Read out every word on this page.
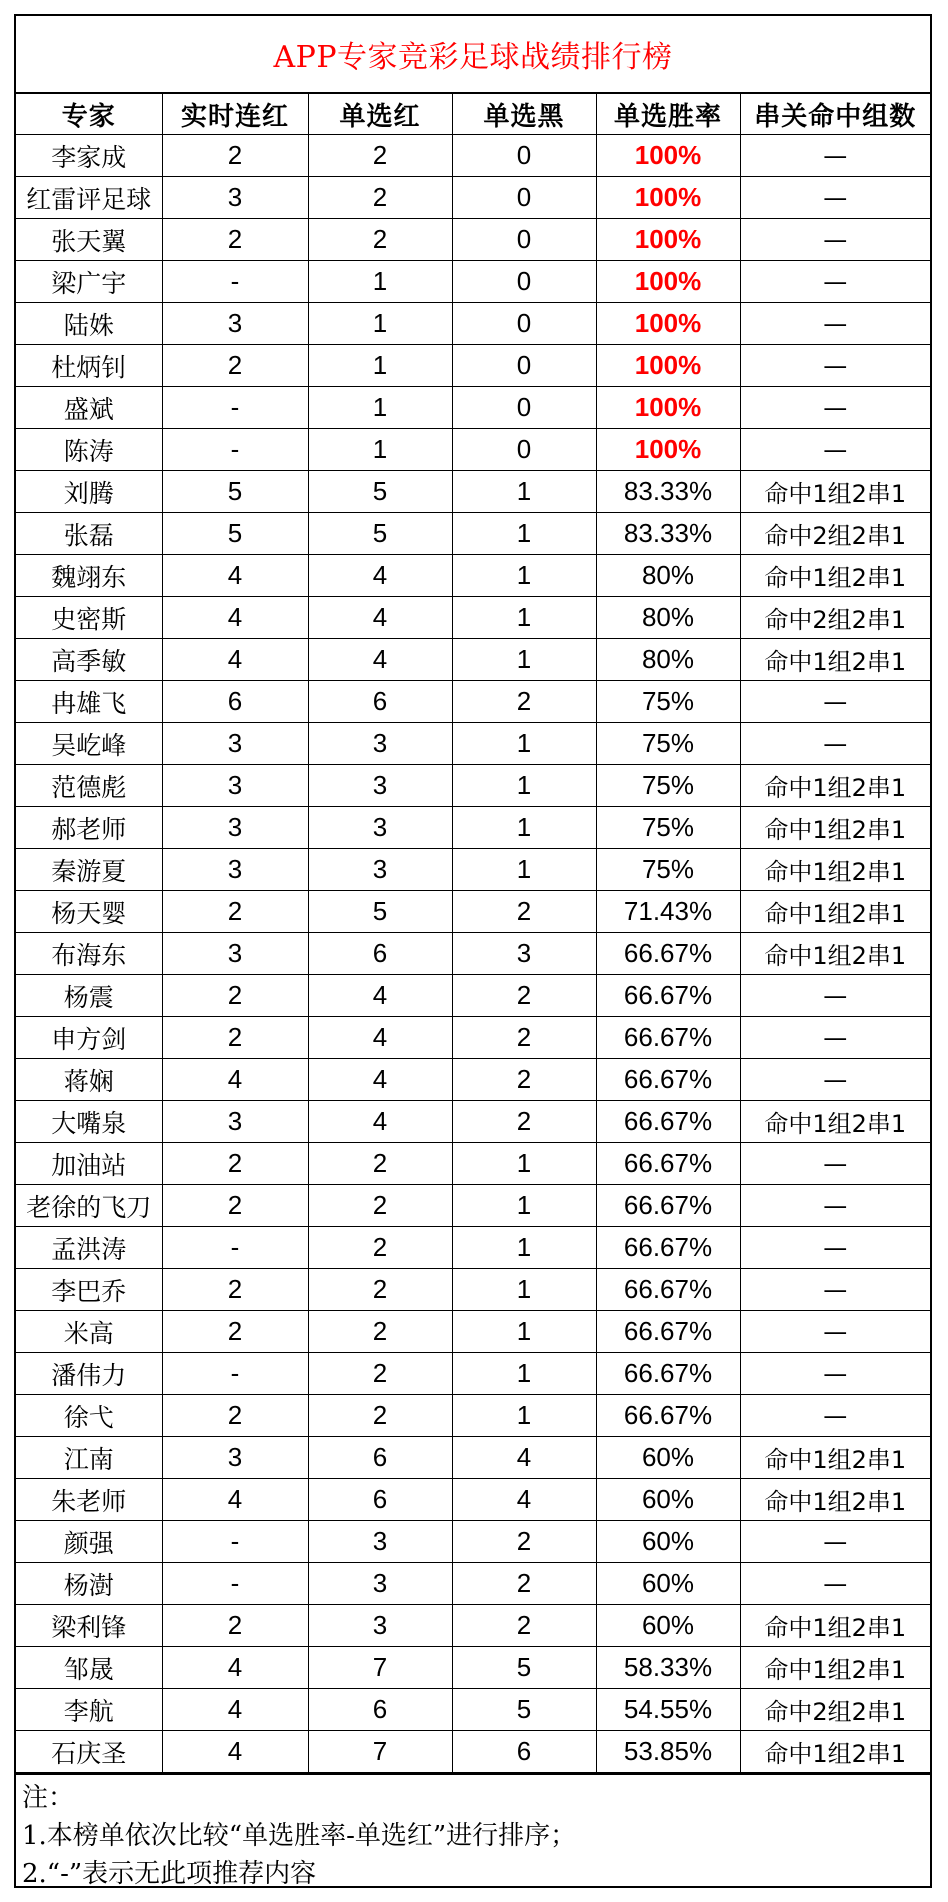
APP专家竞彩足球战绩排行榜
专家	实时连红	单选红	单选黑	单选胜率	串关命中组数
李家成	2	2	0	100%	—
红雷评足球	3	2	0	100%	—
张天翼	2	2	0	100%	—
梁广宇	-	1	0	100%	—
陆姝	3	1	0	100%	—
杜炳钊	2	1	0	100%	—
盛斌	-	1	0	100%	—
陈涛	-	1	0	100%	—
刘腾	5	5	1	83.33%	命中1组2串1
张磊	5	5	1	83.33%	命中2组2串1
魏翊东	4	4	1	80%	命中1组2串1
史密斯	4	4	1	80%	命中2组2串1
高季敏	4	4	1	80%	命中1组2串1
冉雄飞	6	6	2	75%	—
吴屹峰	3	3	1	75%	—
范德彪	3	3	1	75%	命中1组2串1
郝老师	3	3	1	75%	命中1组2串1
秦游夏	3	3	1	75%	命中1组2串1
杨天婴	2	5	2	71.43%	命中1组2串1
布海东	3	6	3	66.67%	命中1组2串1
杨震	2	4	2	66.67%	—
申方剑	2	4	2	66.67%	—
蒋娴	4	4	2	66.67%	—
大嘴泉	3	4	2	66.67%	命中1组2串1
加油站	2	2	1	66.67%	—
老徐的飞刀	2	2	1	66.67%	—
孟洪涛	-	2	1	66.67%	—
李巴乔	2	2	1	66.67%	—
米高	2	2	1	66.67%	—
潘伟力	-	2	1	66.67%	—
徐弋	2	2	1	66.67%	—
江南	3	6	4	60%	命中1组2串1
朱老师	4	6	4	60%	命中1组2串1
颜强	-	3	2	60%	—
杨澍	-	3	2	60%	—
梁利锋	2	3	2	60%	命中1组2串1
邹晟	4	7	5	58.33%	命中1组2串1
李航	4	6	5	54.55%	命中2组2串1
石庆圣	4	7	6	53.85%	命中1组2串1
注：
1.本榜单依次比较“单选胜率-单选红”进行排序；
2.“-”表示无此项推荐内容
